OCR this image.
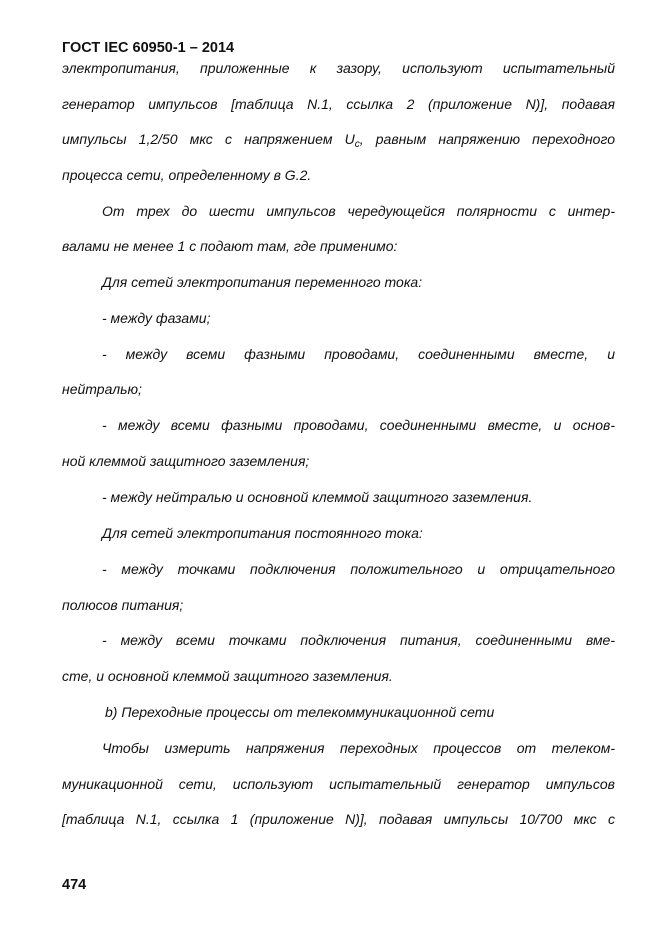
ГОСТ IEC 60950-1 – 2014
электропитания, приложенные к зазору, используют испытательный
генератор импульсов [таблица N.1, ссылка 2 (приложение N)], подавая
импульсы 1,2/50 мкс с напряжением $U_c$, равным напряжению переходного
процесса сети, определенному в G.2.
От трех до шести импульсов чередующейся полярности с интер-
валами не менее 1 с подают там, где применимо:
Для сетей электропитания переменного тока:
- между фазами;
- между всеми фазными проводами, соединенными вместе, и
нейтралью;
- между всеми фазными проводами, соединенными вместе, и основ-
ной клеммой защитного заземления;
- между нейтралью и основной клеммой защитного заземления.
Для сетей электропитания постоянного тока:
- между точками подключения положительного и отрицательного
полюсов питания;
- между всеми точками подключения питания, соединенными вме-
сте, и основной клеммой защитного заземления.
b) Переходные процессы от телекоммуникационной сети
Чтобы измерить напряжения переходных процессов от телеком-
муникационной сети, используют испытательный генератор импульсов
[таблица N.1, ссылка 1 (приложение N)], подавая импульсы 10/700 мкс с
474
